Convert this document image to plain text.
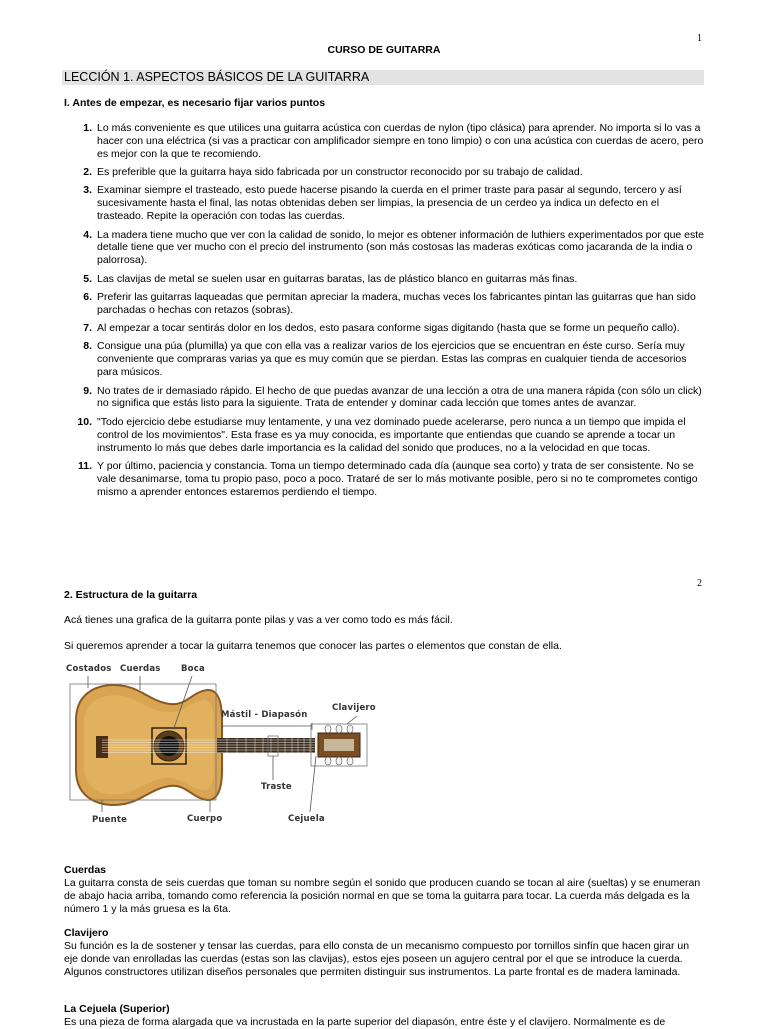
1
CURSO DE GUITARRA
LECCIÓN 1. ASPECTOS BÁSICOS DE LA GUITARRA
I. Antes de empezar, es necesario fijar varios puntos
1. Lo más conveniente es que utilices una guitarra acústica con cuerdas de nylon (tipo clásica) para aprender. No importa si lo vas a hacer con una eléctrica (si vas a practicar con amplificador siempre en tono limpio) o con una acústica con cuerdas de acero, pero es mejor con la que te recomiendo.
2. Es preferible que la guitarra haya sido fabricada por un constructor reconocido por su trabajo de calidad.
3. Examinar siempre el trasteado, esto puede hacerse pisando la cuerda en el primer traste para pasar al segundo, tercero y así sucesivamente hasta el final, las notas obtenidas deben ser limpias, la presencia de un cerdeo ya indica un defecto en el trasteado. Repite la operación con todas las cuerdas.
4. La madera tiene mucho que ver con la calidad de sonido, lo mejor es obtener información de luthiers experimentados por que este detalle tiene que ver mucho con el precio del instrumento (son más costosas las maderas exóticas como jacaranda de la india o palorrosa).
5. Las clavijas de metal se suelen usar en guitarras baratas, las de plástico blanco en guitarras más finas.
6. Preferir las guitarras laqueadas que permitan apreciar la madera, muchas veces los fabricantes pintan las guitarras que han sido parchadas o hechas con retazos (sobras).
7. Al empezar a tocar sentirás dolor en los dedos, esto pasara conforme sigas digitando (hasta que se forme un pequeño callo).
8. Consigue una púa (plumilla) ya que con ella vas a realizar varios de los ejercicios que se encuentran en éste curso. Sería muy conveniente que compraras varias ya que es muy común que se pierdan. Estas las compras en cualquier tienda de accesorios para músicos.
9. No trates de ir demasiado rápido. El hecho de que puedas avanzar de una lección a otra de una manera rápida (con sólo un click) no significa que estás listo para la siguiente. Trata de entender y dominar cada lección que tomes antes de avanzar.
10. "Todo ejercicio debe estudiarse muy lentamente, y una vez dominado puede acelerarse, pero nunca a un tiempo que impida el control de los movimientos". Esta frase es ya muy conocida, es importante que entiendas que cuando se aprende a tocar un instrumento lo más que debes darle importancia es la calidad del sonido que produces, no a la velocidad en que tocas.
11. Y por último, paciencia y constancia. Toma un tiempo determinado cada día (aunque sea corto) y trata de ser consistente. No se vale desanimarse, toma tu propio paso, poco a poco. Trataré de ser lo más motivante posible, pero si no te comprometes contigo mismo a aprender entonces estaremos perdiendo el tiempo.
2
2. Estructura de la guitarra
Acá tienes una grafica de la guitarra ponte pilas y vas a ver como todo es más fácil.
Si queremos aprender a tocar la guitarra tenemos que conocer las partes o elementos que constan de ella.
Costados Cuerdas Boca
Mástil - Diapasón
Clavijero
Traste
Puente	Cuerpo	Cejuela
Cuerdas
La guitarra consta de seis cuerdas que toman su nombre según el sonido que producen cuando se tocan al aire (sueltas) y se enumeran de abajo hacia arriba, tomando como referencia la posición normal en que se toma la guitarra para tocar. La cuerda más delgada es la número 1 y la más gruesa es la 6ta.
Clavijero
Su función es la de sostener y tensar las cuerdas, para ello consta de un mecanismo compuesto por tornillos sinfín que hacen girar un eje donde van enrolladas las cuerdas (estas son las clavijas), estos ejes poseen un agujero central por el que se introduce la cuerda. Algunos constructores utilizan diseños personales que permiten distinguir sus instrumentos. La parte frontal es de madera laminada.
La Cejuela (Superior)
Es una pieza de forma alargada que va incrustada en la parte superior del diapasón, entre éste y el clavijero. Normalmente es de
